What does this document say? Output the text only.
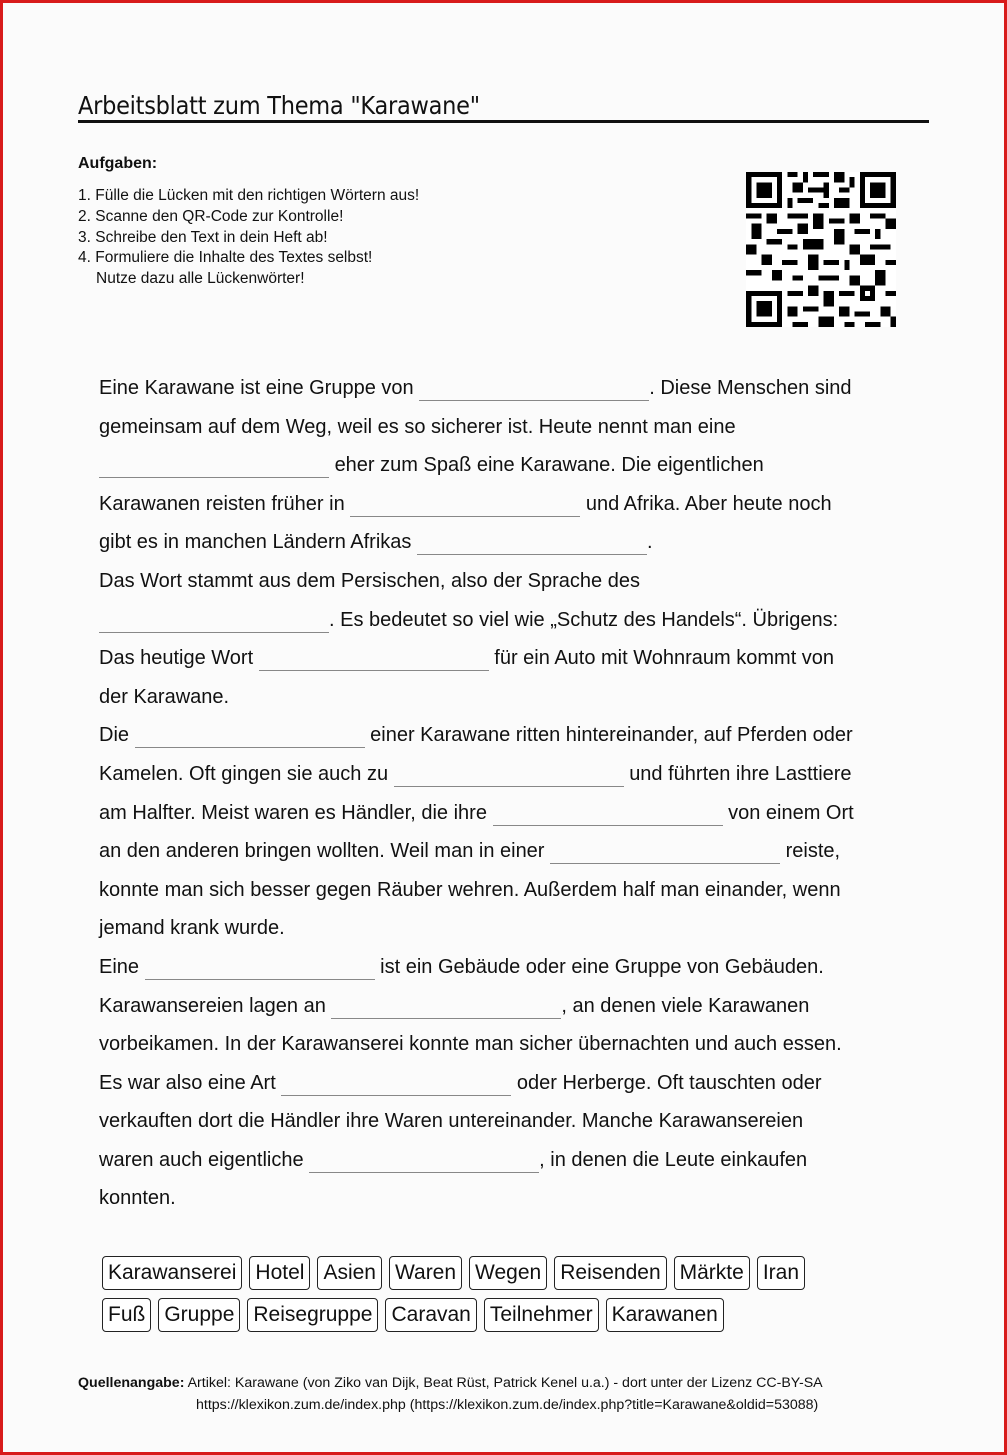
Arbeitsblatt zum Thema "Karawane"
Aufgaben:
1. Fülle die Lücken mit den richtigen Wörtern aus!
2. Scanne den QR-Code zur Kontrolle!
3. Schreibe den Text in dein Heft ab!
4. Formuliere die Inhalte des Textes selbst!
Nutze dazu alle Lückenwörter!
Eine Karawane ist eine Gruppe von	. Diese Menschen sind
gemeinsam auf dem Weg, weil es so sicherer ist. Heute nennt man eine
eher zum Spaß eine Karawane. Die eigentlichen
Karawanen reisten früher in	und Afrika. Aber heute noch
gibt es in manchen Ländern Afrikas	.
Das Wort stammt aus dem Persischen, also der Sprache des
. Es bedeutet so viel wie „Schutz des Handels“. Übrigens:
Das heutige Wort	für ein Auto mit Wohnraum kommt von
der Karawane.
Die	einer Karawane ritten hintereinander, auf Pferden oder
Kamelen. Oft gingen sie auch zu	und führten ihre Lasttiere
am Halfter. Meist waren es Händler, die ihre	von einem Ort
an den anderen bringen wollten. Weil man in einer	reiste,
konnte man sich besser gegen Räuber wehren. Außerdem half man einander, wenn
jemand krank wurde.
Eine	ist ein Gebäude oder eine Gruppe von Gebäuden.
Karawansereien lagen an	, an denen viele Karawanen
vorbeikamen. In der Karawanserei konnte man sicher übernachten und auch essen.
Es war also eine Art	oder Herberge. Oft tauschten oder
verkauften dort die Händler ihre Waren untereinander. Manche Karawansereien
waren auch eigentliche	, in denen die Leute einkaufen
konnten.
Karawanserei Hotel Asien Waren Wegen Reisenden Märkte Iran
Fuß Gruppe Reisegruppe Caravan Teilnehmer Karawanen
Quellenangabe: Artikel: Karawane (von Ziko van Dijk, Beat Rüst, Patrick Kenel u.a.) - dort unter der Lizenz CC-BY-SA
https://klexikon.zum.de/index.php (https://klexikon.zum.de/index.php?title=Karawane&oldid=53088)
